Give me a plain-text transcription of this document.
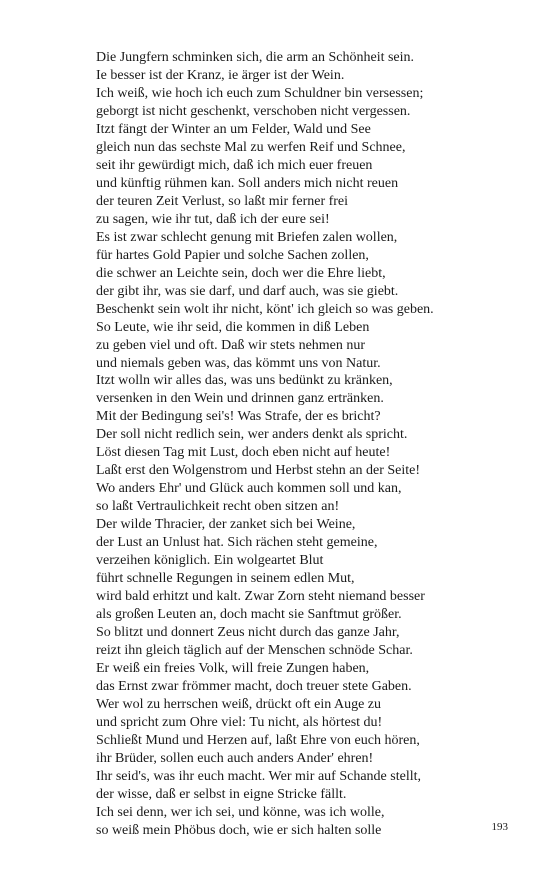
Die Jungfern schminken sich, die arm an Schönheit sein.
Ie besser ist der Kranz, ie ärger ist der Wein.
Ich weiß, wie hoch ich euch zum Schuldner bin versessen;
geborgt ist nicht geschenkt, verschoben nicht vergessen.
Itzt fängt der Winter an um Felder, Wald und See
gleich nun das sechste Mal zu werfen Reif und Schnee,
seit ihr gewürdigt mich, daß ich mich euer freuen
und künftig rühmen kan. Soll anders mich nicht reuen
der teuren Zeit Verlust, so laßt mir ferner frei
zu sagen, wie ihr tut, daß ich der eure sei!
Es ist zwar schlecht genung mit Briefen zalen wollen,
für hartes Gold Papier und solche Sachen zollen,
die schwer an Leichte sein, doch wer die Ehre liebt,
der gibt ihr, was sie darf, und darf auch, was sie giebt.
Beschenkt sein wolt ihr nicht, könt' ich gleich so was geben.
So Leute, wie ihr seid, die kommen in diß Leben
zu geben viel und oft. Daß wir stets nehmen nur
und niemals geben was, das kömmt uns von Natur.
Itzt wolln wir alles das, was uns bedünkt zu kränken,
versenken in den Wein und drinnen ganz ertränken.
Mit der Bedingung sei's! Was Strafe, der es bricht?
Der soll nicht redlich sein, wer anders denkt als spricht.
Löst diesen Tag mit Lust, doch eben nicht auf heute!
Laßt erst den Wolgenstrom und Herbst stehn an der Seite!
Wo anders Ehr' und Glück auch kommen soll und kan,
so laßt Vertraulichkeit recht oben sitzen an!
Der wilde Thracier, der zanket sich bei Weine,
der Lust an Unlust hat. Sich rächen steht gemeine,
verzeihen königlich. Ein wolgeartet Blut
führt schnelle Regungen in seinem edlen Mut,
wird bald erhitzt und kalt. Zwar Zorn steht niemand besser
als großen Leuten an, doch macht sie Sanftmut größer.
So blitzt und donnert Zeus nicht durch das ganze Jahr,
reizt ihn gleich täglich auf der Menschen schnöde Schar.
Er weiß ein freies Volk, will freie Zungen haben,
das Ernst zwar frömmer macht, doch treuer stete Gaben.
Wer wol zu herrschen weiß, drückt oft ein Auge zu
und spricht zum Ohre viel: Tu nicht, als hörtest du!
Schließt Mund und Herzen auf, laßt Ehre von euch hören,
ihr Brüder, sollen euch auch anders Ander' ehren!
Ihr seid's, was ihr euch macht. Wer mir auf Schande stellt,
der wisse, daß er selbst in eigne Stricke fällt.
Ich sei denn, wer ich sei, und könne, was ich wolle,
so weiß mein Phöbus doch, wie er sich halten solle	193
